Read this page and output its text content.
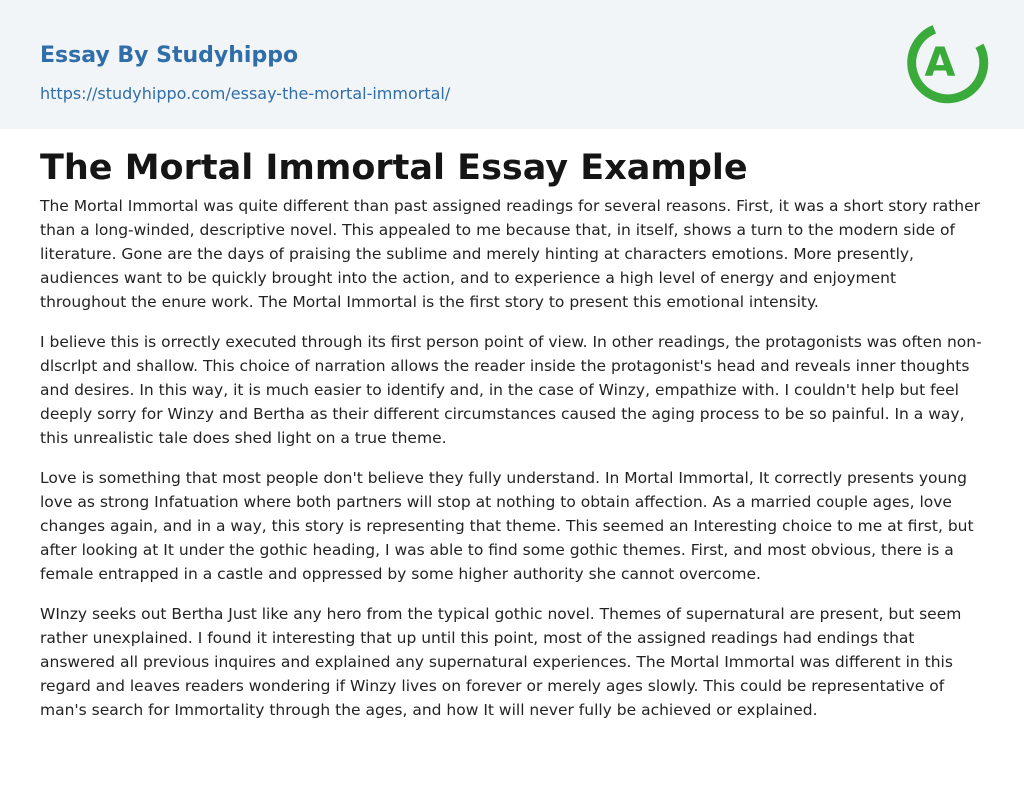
Essay By Studyhippo
https://studyhippo.com/essay-the-mortal-immortal/
A
The Mortal Immortal Essay Example

The Mortal Immortal was quite different than past assigned readings for several reasons. First, it was a short story rather than a long-winded, descriptive novel. This appealed to me because that, in itself, shows a turn to the modern side of literature. Gone are the days of praising the sublime and merely hinting at characters emotions. More presently, audiences want to be quickly brought into the action, and to experience a high level of energy and enjoyment throughout the enure work. The Mortal Immortal is the first story to present this emotional intensity.

I believe this is orrectly executed through its first person point of view. In other readings, the protagonists was often non-dlscrlpt and shallow. This choice of narration allows the reader inside the protagonist's head and reveals inner thoughts and desires. In this way, it is much easier to identify and, in the case of Winzy, empathize with. I couldn't help but feel deeply sorry for Winzy and Bertha as their different circumstances caused the aging process to be so painful. In a way, this unrealistic tale does shed light on a true theme.

Love is something that most people don't believe they fully understand. In Mortal Immortal, It correctly presents young love as strong Infatuation where both partners will stop at nothing to obtain affection. As a married couple ages, love changes again, and in a way, this story is representing that theme. This seemed an Interesting choice to me at first, but after looking at It under the gothic heading, I was able to find some gothic themes. First, and most obvious, there is a female entrapped in a castle and oppressed by some higher authority she cannot overcome.

WInzy seeks out Bertha Just like any hero from the typical gothic novel. Themes of supernatural are present, but seem rather unexplained. I found it interesting that up until this point, most of the assigned readings had endings that answered all previous inquires and explained any supernatural experiences. The Mortal Immortal was different in this regard and leaves readers wondering if Winzy lives on forever or merely ages slowly. This could be representative of man's search for Immortality through the ages, and how It will never fully be achieved or explained.
